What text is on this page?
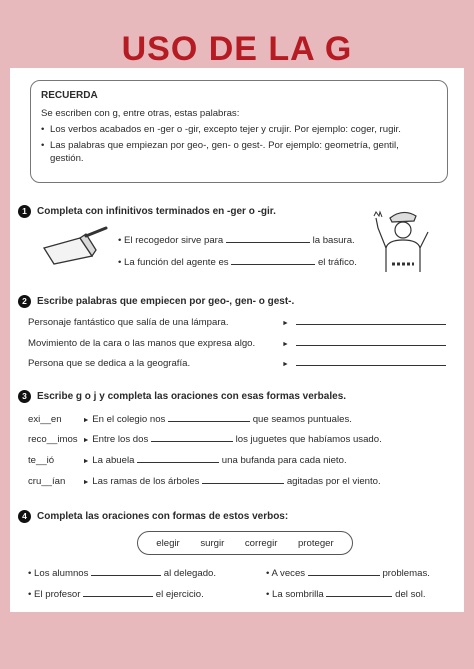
USO DE LA G
RECUERDA
Se escriben con g, entre otras, estas palabras:
• Los verbos acabados en -ger o -gir, excepto tejer y crujir. Por ejemplo: coger, rugir.
• Las palabras que empiezan por geo-, gen- o gest-. Por ejemplo: geometría, gentil,
gestión.
1	Completa con infinitivos terminados en -ger o -gir.
• El recogedor sirve para	la basura.
• La función del agente es	el tráfico.
2	Escribe palabras que empiecen por geo-, gen- o gest-.
Personaje fantástico que salía de una lámpara.	►
Movimiento de la cara o las manos que expresa algo.	►
Persona que se dedica a la geografía.	►
3	Escribe g o j y completa las oraciones con esas formas verbales.
exi__en	► En el colegio nos	que seamos puntuales.
reco__imos ► Entre los dos	los juguetes que habíamos usado.
te__ió	► La abuela	una bufanda para cada nieto.
cru__ían ► Las ramas de los árboles	agitadas por el viento.
4	Completa las oraciones con formas de estos verbos:
elegir surgir corregir proteger
• Los alumnos	al delegado.
• El profesor	el ejercicio.
• A veces	problemas.
• La sombrilla	del sol.
